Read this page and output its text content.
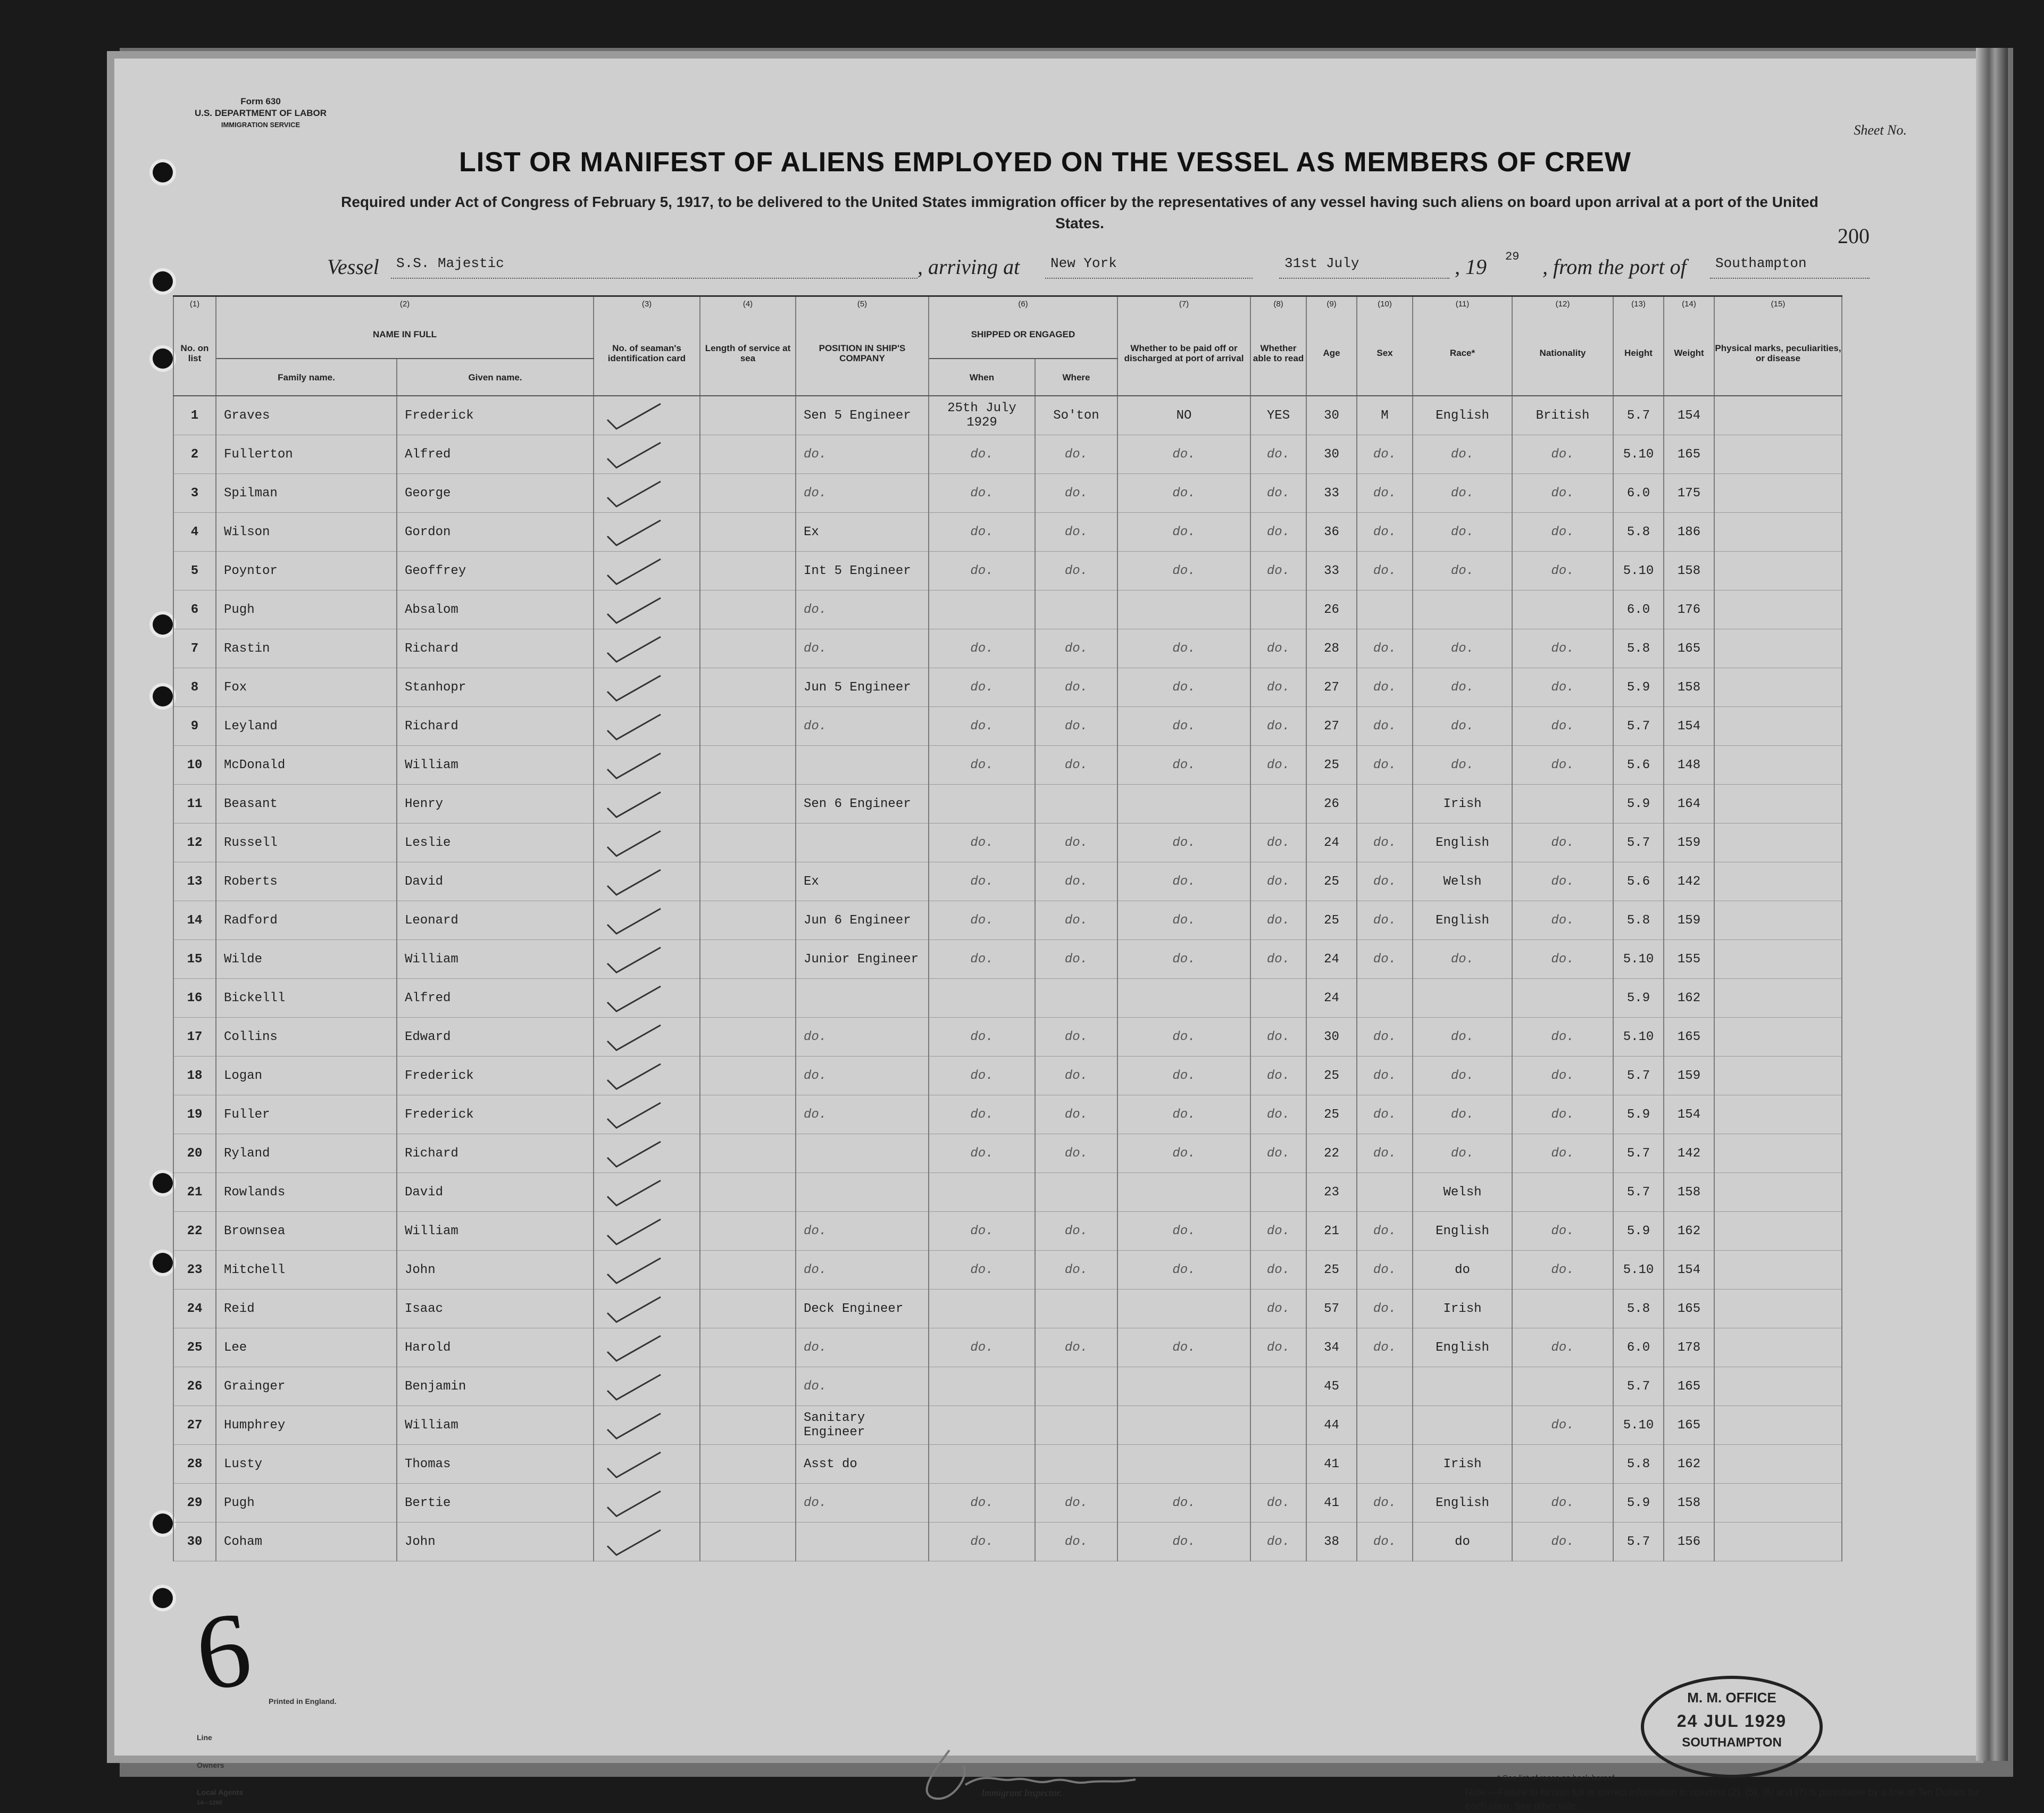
Form 630
U.S. DEPARTMENT OF LABOR
IMMIGRATION SERVICE	Sheet No.
LIST OR MANIFEST OF ALIENS EMPLOYED ON THE VESSEL AS MEMBERS OF CREW
Required under Act of Congress of February 5, 1917, to be delivered to the United States immigration officer by the representatives of any vessel having such aliens on board upon arrival at a port of the United States.
200
Vessel S.S. Majestic	, arriving at New York	31st July	, 19 29 , from the port of Southampton
(1)	(2)		(3)	(4)	(5)	(6)		(7)	(8)	(9)	(10)	(11)	(12)	(13)	(14)	(15)
No. on list	NAME IN FULL		No. of seaman's identification card	Length of service at sea	POSITION IN SHIP'S COMPANY	SHIPPED OR ENGAGED		Whether to be paid off or discharged at port of arrival	Whether able to read	Age	Sex	Race*	Nationality	Height	Weight	Physical marks, peculiarities, or disease
	Family name.	Given name.				When	Where									
1	Graves	Frederick			Sen 5 Engineer	25th July 1929	So'ton	NO	YES	30	M	English	British	5.7	154	
2	Fullerton	Alfred			do.	do.	do.	do.	do.	30	do.	do.	do.	5.10	165	
3	Spilman	George			do.	do.	do.	do.	do.	33	do.	do.	do.	6.0	175	
4	Wilson	Gordon			Ex	do.	do.	do.	do.	36	do.	do.	do.	5.8	186	
5	Poyntor	Geoffrey			Int 5 Engineer	do.	do.	do.	do.	33	do.	do.	do.	5.10	158	
6	Pugh	Absalom			do.					26				6.0	176	
7	Rastin	Richard			do.	do.	do.	do.	do.	28	do.	do.	do.	5.8	165	
8	Fox	Stanhopr			Jun 5 Engineer	do.	do.	do.	do.	27	do.	do.	do.	5.9	158	
9	Leyland	Richard			do.	do.	do.	do.	do.	27	do.	do.	do.	5.7	154	
10	McDonald	William				do.	do.	do.	do.	25	do.	do.	do.	5.6	148	
11	Beasant	Henry			Sen 6 Engineer					26		Irish		5.9	164	
12	Russell	Leslie				do.	do.	do.	do.	24	do.	English	do.	5.7	159	
13	Roberts	David			Ex	do.	do.	do.	do.	25	do.	Welsh	do.	5.6	142	
14	Radford	Leonard			Jun 6 Engineer	do.	do.	do.	do.	25	do.	English	do.	5.8	159	
15	Wilde	William			Junior Engineer	do.	do.	do.	do.	24	do.	do.	do.	5.10	155	
16	Bickelll	Alfred								24				5.9	162	
17	Collins	Edward			do.	do.	do.	do.	do.	30	do.	do.	do.	5.10	165	
18	Logan	Frederick			do.	do.	do.	do.	do.	25	do.	do.	do.	5.7	159	
19	Fuller	Frederick			do.	do.	do.	do.	do.	25	do.	do.	do.	5.9	154	
20	Ryland	Richard				do.	do.	do.	do.	22	do.	do.	do.	5.7	142	
21	Rowlands	David								23		Welsh		5.7	158	
22	Brownsea	William			do.	do.	do.	do.	do.	21	do.	English	do.	5.9	162	
23	Mitchell	John			do.	do.	do.	do.	do.	25	do.	do	do.	5.10	154	
24	Reid	Isaac			Deck Engineer				do.	57	do.	Irish		5.8	165	
25	Lee	Harold			do.	do.	do.	do.	do.	34	do.	English	do.	6.0	178	
26	Grainger	Benjamin			do.					45				5.7	165	
27	Humphrey	William			Sanitary Engineer					44			do.	5.10	165	
28	Lusty	Thomas			Asst do					41		Irish		5.8	162	
29	Pugh	Bertie			do.	do.	do.	do.	do.	41	do.	English	do.	5.9	158	
30	Coham	John				do.	do.	do.	do.	38	do.	do	do.	5.7	156	
Printed in England.
Line
Owners
Local Agents
14—1260
Immigrant Inspector.
M. M. OFFICE
24 JUL 1929
SOUTHAMPTON
* See list of races on back hereof.
Note.—Failure to furnish full or correct information in columns (2), (5), (6) and (7) is punishable by a fine of Ten Dollars for each alien. See other side.
6
